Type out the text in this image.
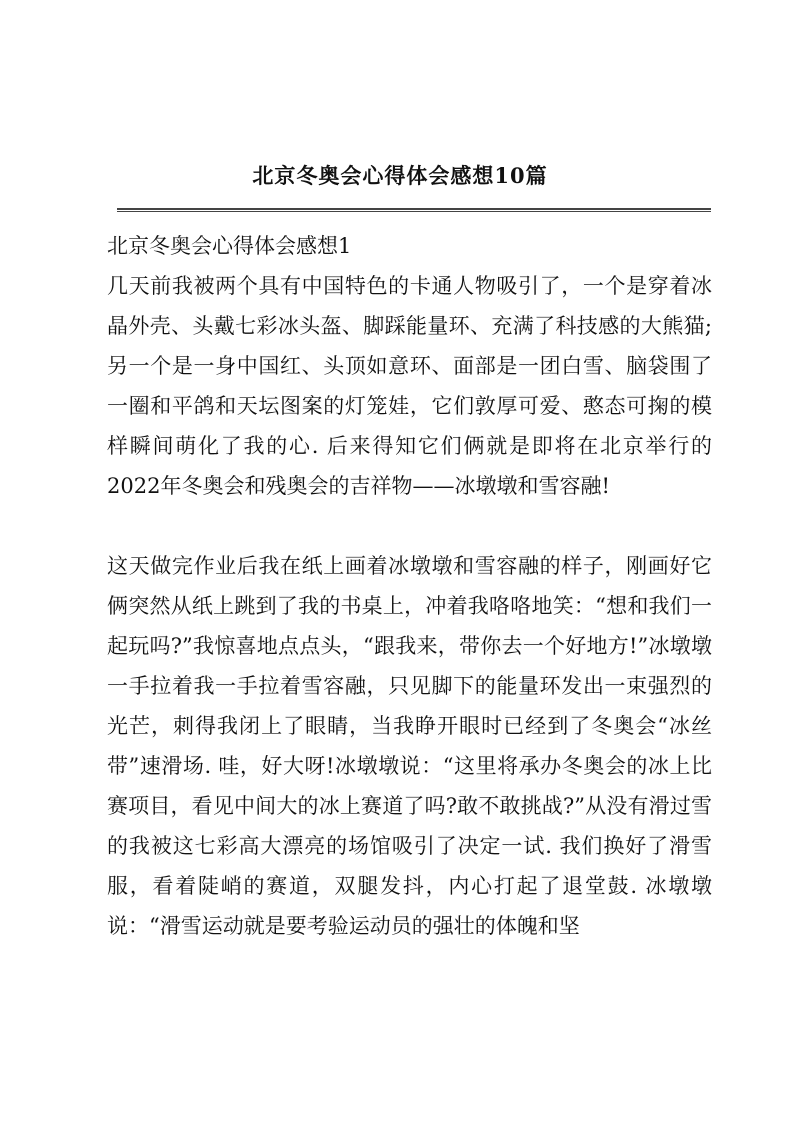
北京冬奥会心得体会感想10篇

北京冬奥会心得体会感想1

几天前我被两个具有中国特色的卡通人物吸引了，一个是穿着冰晶外壳、头戴七彩冰头盔、脚踩能量环、充满了科技感的大熊猫;另一个是一身中国红、头顶如意环、面部是一团白雪、脑袋围了一圈和平鸽和天坛图案的灯笼娃，它们敦厚可爱、憨态可掬的模样瞬间萌化了我的心. 后来得知它们俩就是即将在北京举行的2022年冬奥会和残奥会的吉祥物——冰墩墩和雪容融!

这天做完作业后我在纸上画着冰墩墩和雪容融的样子，刚画好它俩突然从纸上跳到了我的书桌上，冲着我咯咯地笑：“想和我们一起玩吗?”我惊喜地点点头，“跟我来，带你去一个好地方!”冰墩墩一手拉着我一手拉着雪容融，只见脚下的能量环发出一束强烈的光芒，刺得我闭上了眼睛，当我睁开眼时已经到了冬奥会“冰丝带”速滑场. 哇，好大呀!冰墩墩说：“这里将承办冬奥会的冰上比赛项目，看见中间大的冰上赛道了吗?敢不敢挑战?”从没有滑过雪的我被这七彩高大漂亮的场馆吸引了决定一试. 我们换好了滑雪服，看着陡峭的赛道，双腿发抖，内心打起了退堂鼓. 冰墩墩说：“滑雪运动就是要考验运动员的强壮的体魄和坚
